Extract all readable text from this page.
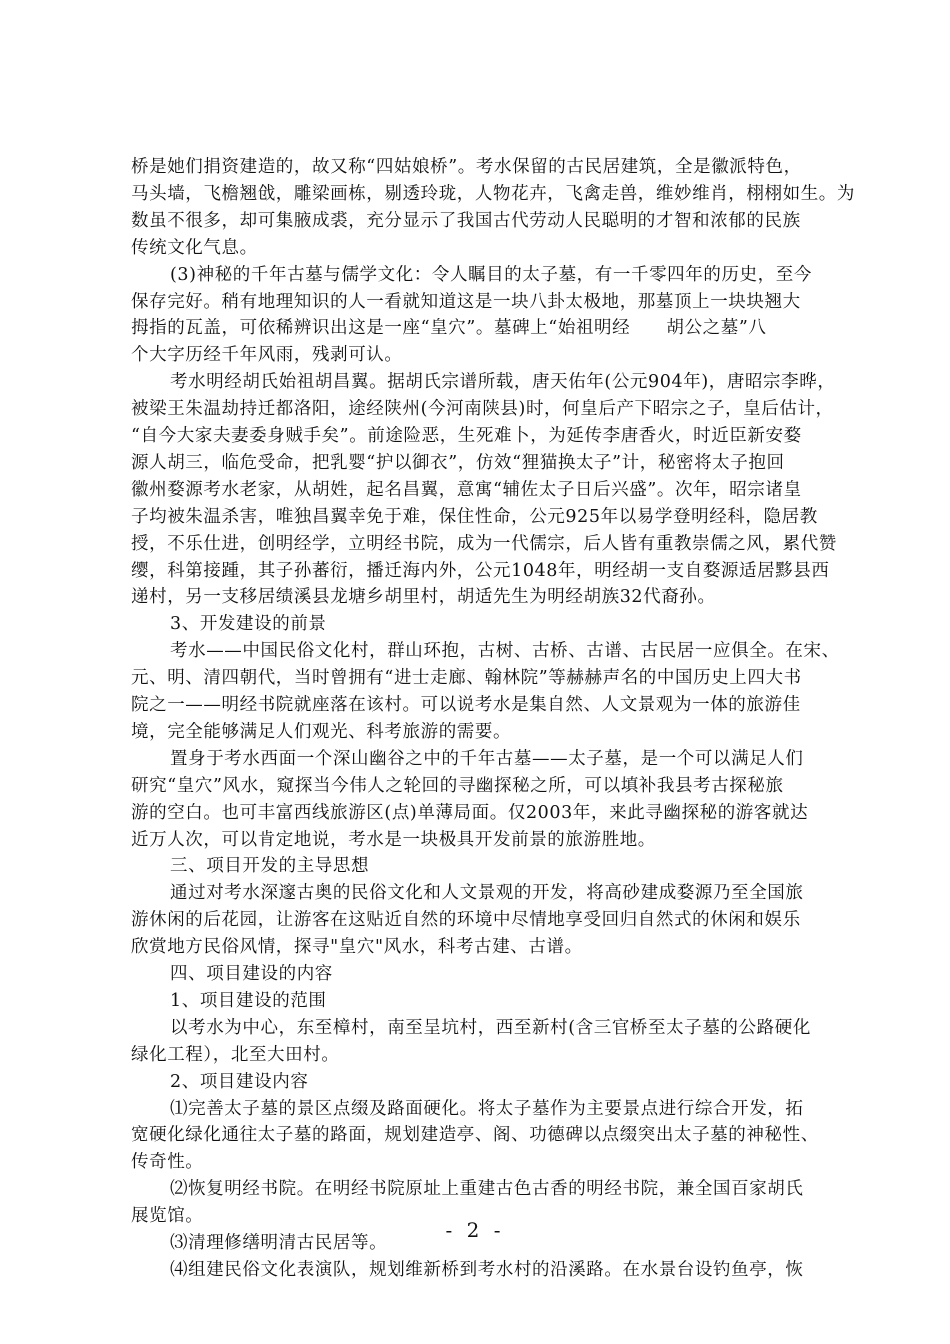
桥是她们捐资建造的，故又称“四姑娘桥”。考水保留的古民居建筑，全是徽派特色，
马头墙，飞檐翘戗，雕梁画栋，剔透玲珑，人物花卉，飞禽走兽，维妙维肖，栩栩如生。为
数虽不很多，却可集腋成裘，充分显示了我国古代劳动人民聪明的才智和浓郁的民族
传统文化气息。
(3)神秘的千年古墓与儒学文化：令人瞩目的太子墓，有一千零四年的历史，至今
保存完好。稍有地理知识的人一看就知道这是一块八卦太极地，那墓顶上一块块翘大
拇指的瓦盖，可依稀辨识出这是一座“皇穴”。墓碑上“始祖明经　　胡公之墓”八
个大字历经千年风雨，残剥可认。
考水明经胡氏始祖胡昌翼。据胡氏宗谱所载，唐天佑年(公元904年)，唐昭宗李晔，
被梁王朱温劫持迁都洛阳，途经陕州(今河南陕县)时，何皇后产下昭宗之子，皇后估计，
“自今大家夫妻委身贼手矣”。前途险恶，生死难卜，为延传李唐香火，时近臣新安婺
源人胡三，临危受命，把乳婴“护以御衣”，仿效“狸猫换太子”计，秘密将太子抱回
徽州婺源考水老家，从胡姓，起名昌翼，意寓“辅佐太子日后兴盛”。次年，昭宗诸皇
子均被朱温杀害，唯独昌翼幸免于难，保住性命，公元925年以易学登明经科，隐居教
授，不乐仕进，创明经学，立明经书院，成为一代儒宗，后人皆有重教崇儒之风，累代赞
缨，科第接踵，其子孙蕃衍，播迁海内外，公元1048年，明经胡一支自婺源适居黟县西
递村，另一支移居绩溪县龙塘乡胡里村，胡适先生为明经胡族32代裔孙。
3、开发建设的前景
考水——中国民俗文化村，群山环抱，古树、古桥、古谱、古民居一应俱全。在宋、
元、明、清四朝代，当时曾拥有“进士走廊、翰林院”等赫赫声名的中国历史上四大书
院之一——明经书院就座落在该村。可以说考水是集自然、人文景观为一体的旅游佳
境，完全能够满足人们观光、科考旅游的需要。
置身于考水西面一个深山幽谷之中的千年古墓——太子墓，是一个可以满足人们
研究“皇穴”风水，窥探当今伟人之轮回的寻幽探秘之所，可以填补我县考古探秘旅
游的空白。也可丰富西线旅游区(点)单薄局面。仅2003年，来此寻幽探秘的游客就达
近万人次，可以肯定地说，考水是一块极具开发前景的旅游胜地。
三、项目开发的主导思想
通过对考水深邃古奥的民俗文化和人文景观的开发，将高砂建成婺源乃至全国旅
游休闲的后花园，让游客在这贴近自然的环境中尽情地享受回归自然式的休闲和娱乐
欣赏地方民俗风情，探寻"皇穴"风水，科考古建、古谱。
四、项目建设的内容
1、项目建设的范围
以考水为中心，东至樟村，南至呈坑村，西至新村(含三官桥至太子墓的公路硬化
绿化工程），北至大田村。
2、项目建设内容
⑴完善太子墓的景区点缀及路面硬化。将太子墓作为主要景点进行综合开发，拓
宽硬化绿化通往太子墓的路面，规划建造亭、阁、功德碑以点缀突出太子墓的神秘性、
传奇性。
⑵恢复明经书院。在明经书院原址上重建古色古香的明经书院，兼全国百家胡氏
展览馆。
⑶清理修缮明清古民居等。
⑷组建民俗文化表演队，规划维新桥到考水村的沿溪路。在水景台设钓鱼亭，恢
- 2 -
